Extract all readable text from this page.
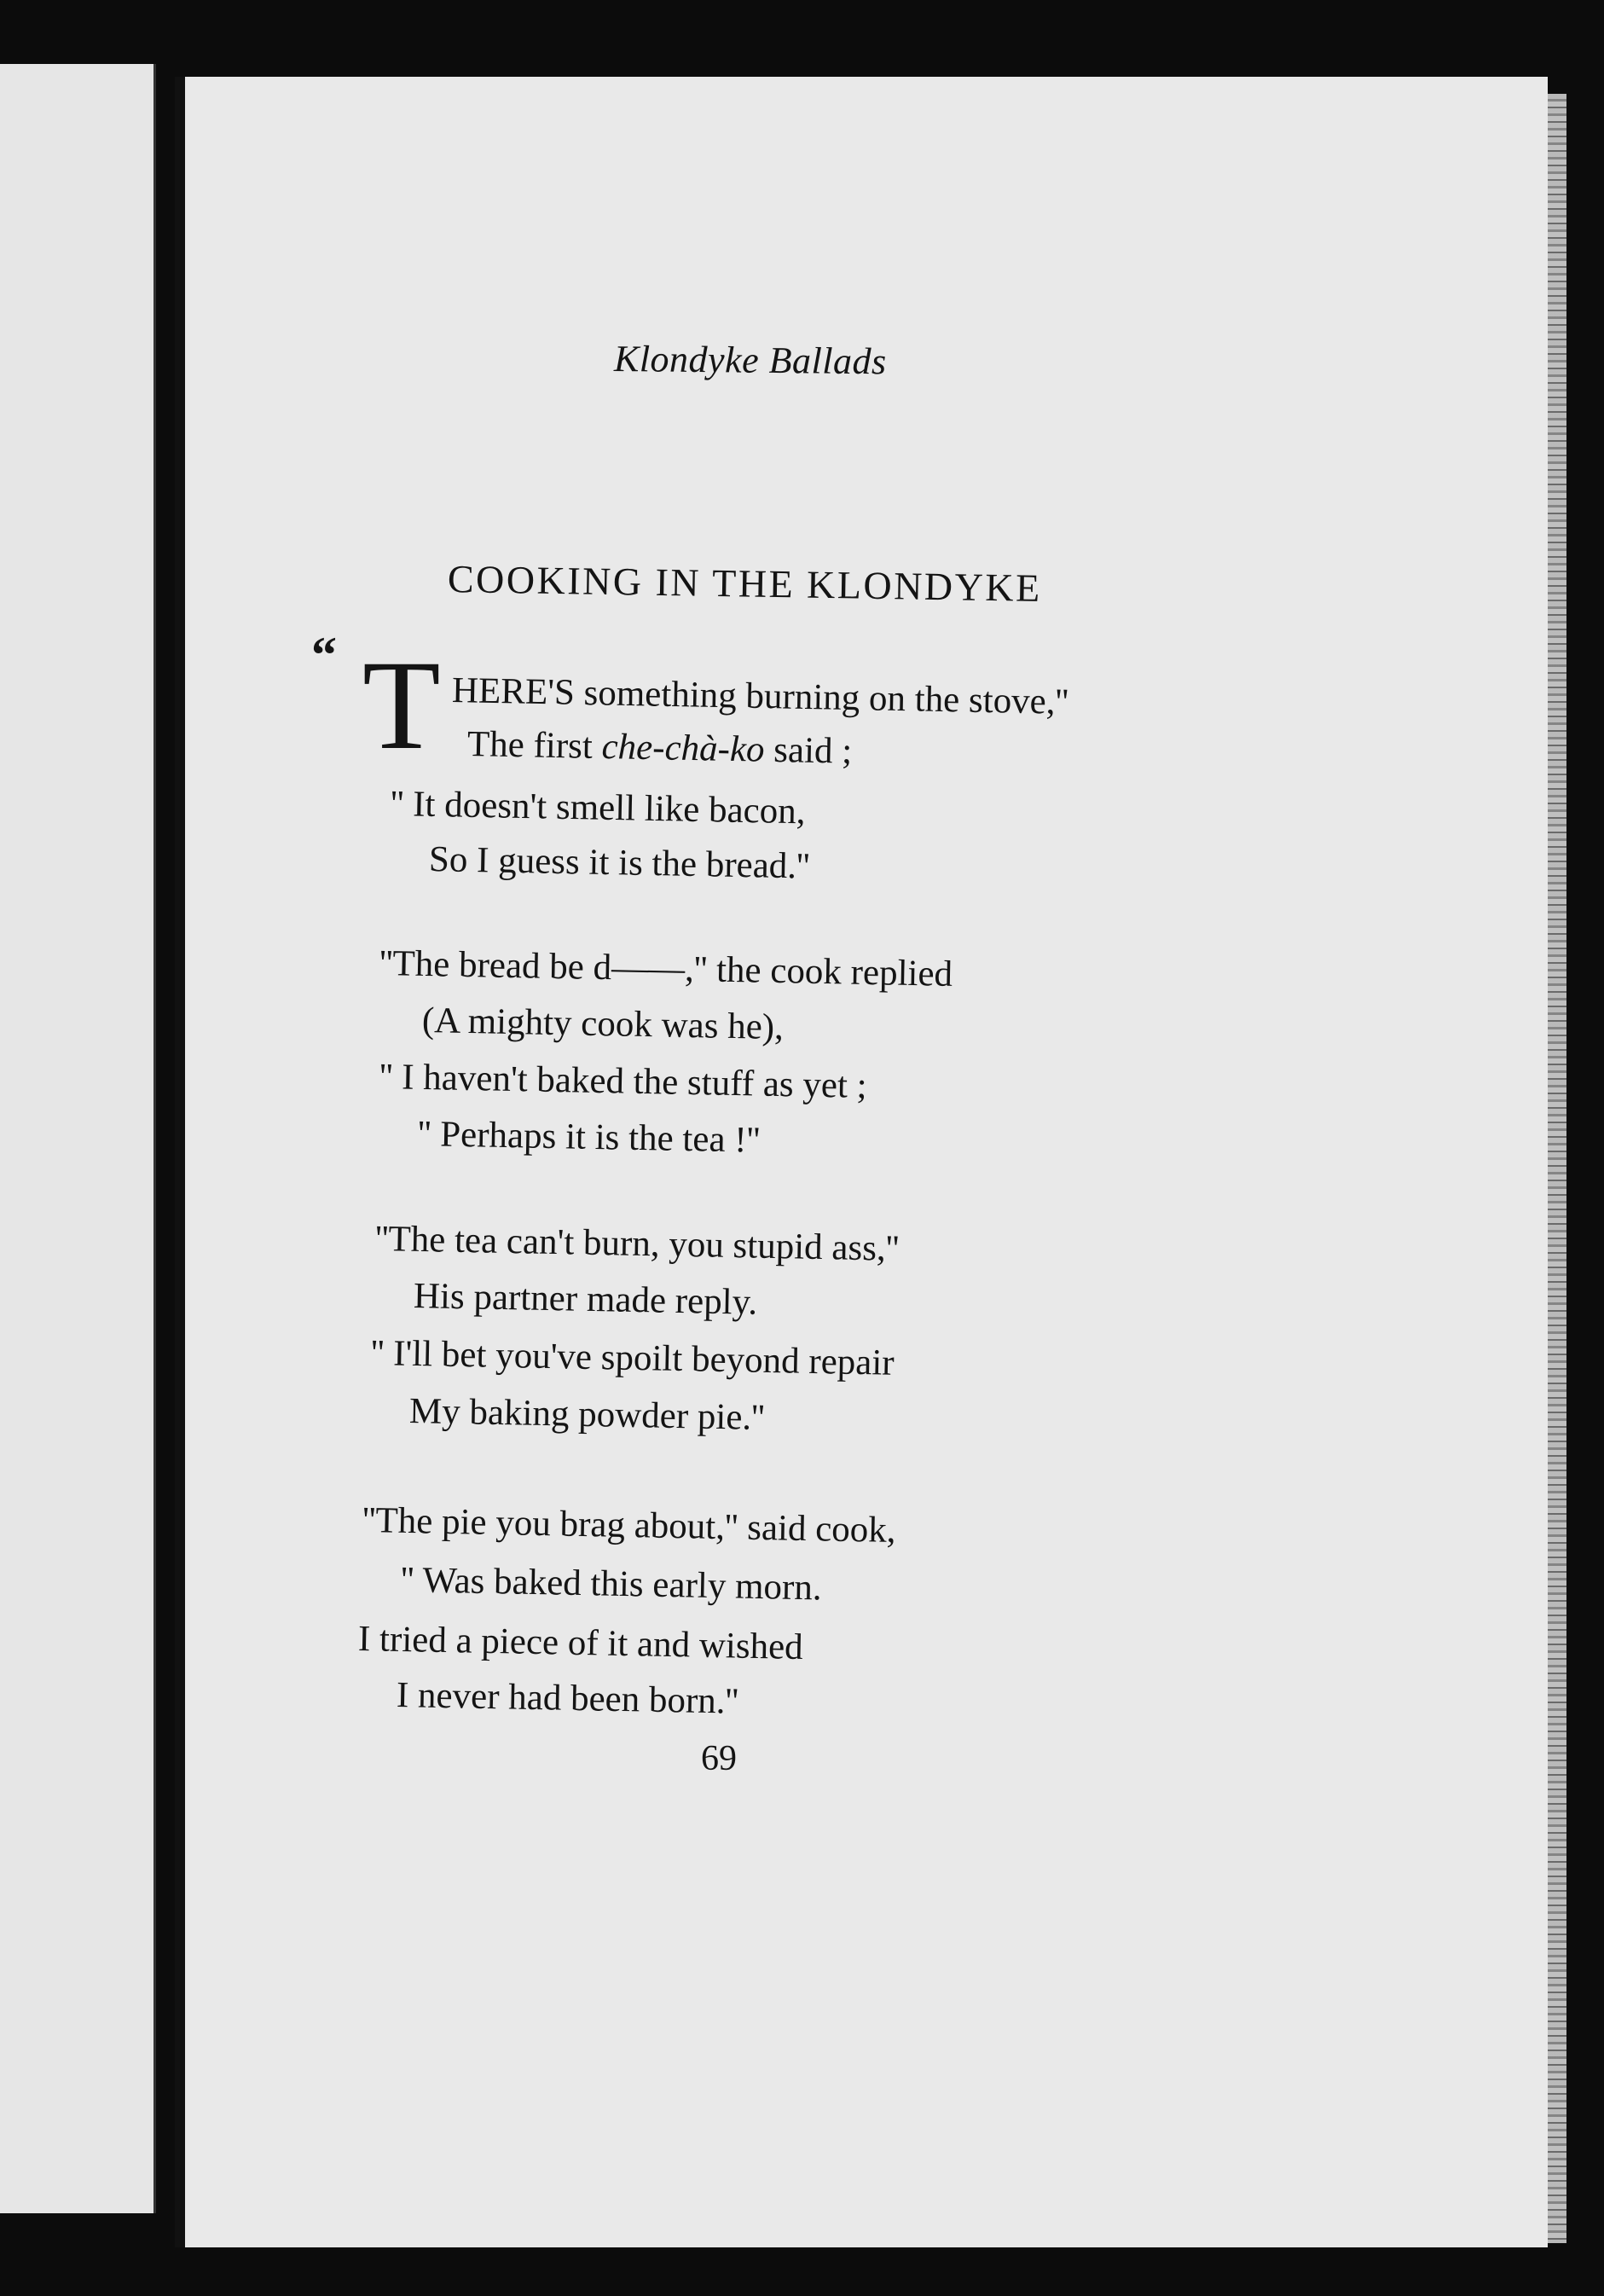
Klondyke Ballads
COOKING IN THE KLONDYKE
“ T HERE'S something burning on the stove,''
The first che-chà-ko said ;
'' It doesn't smell like bacon,
So I guess it is the bread.''
''The bread be d——,'' the cook replied
(A mighty cook was he),
'' I haven't baked the stuff as yet ;
'' Perhaps it is the tea !''
''The tea can't burn, you stupid ass,''
His partner made reply.
'' I'll bet you've spoilt beyond repair
My baking powder pie.''
''The pie you brag about,'' said cook,
'' Was baked this early morn.
I tried a piece of it and wished
I never had been born.''
69
